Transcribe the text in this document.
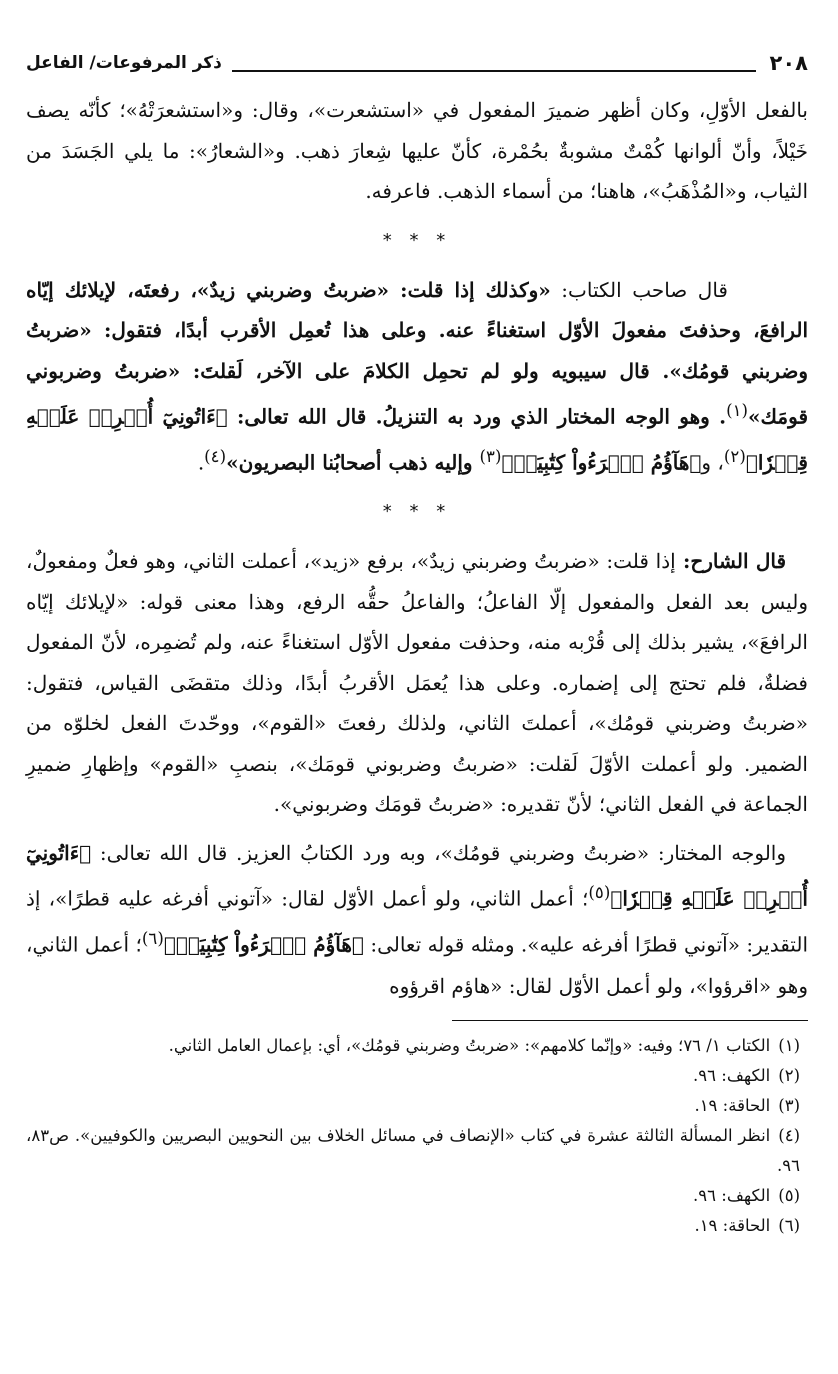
٢٠٨
ذكر المرفوعات/ الفاعل

بالفعل الأوّلِ، وكان أظهر ضميرَ المفعول في «استشعرت»، وقال: و«استشعرَتْهُ»؛ كأنّه يصف خَيْلاً، وأنّ ألوانها كُمْتٌ مشوبةٌ بحُمْرة، كأنّ عليها شِعارَ ذهب. و«الشعارُ»: ما يلي الجَسَدَ من الثياب، و«المُذْهَبُ»، هاهنا؛ من أسماء الذهب. فاعرفه.

* * *

قال صاحب الكتاب: «وكذلك إذا قلت: «ضربتُ وضربني زيدٌ»، رفعتَه، لإيلائك إيّاه الرافعَ، وحذفتَ مفعولَ الأوّل استغناءً عنه. وعلى هذا تُعمِل الأقرب أبدًا، فتقول: «ضربتُ وضربني قومُك». قال سيبويه ولو لم تحمِل الكلامَ على الآخر، لَقلتَ: «ضربتُ وضربوني قومَك»$^{(١)}$. وهو الوجه المختار الذي ورد به التنزيلُ. قال الله تعالى: ﴿ءَاتُونِيٓ أُفۡرِغۡ عَلَيۡهِ قِطۡرٗا﴾$^{(٢)}$، و﴿هَآؤُمُ ٱقۡرَءُواْ كِتَٰبِيَهۡ﴾$^{(٣)}$ وإليه ذهب أصحابُنا البصريون»$^{(٤)}$.

* * *

قال الشارح: إذا قلت: «ضربتُ وضربني زيدٌ»، برفع «زيد»، أعملت الثاني، وهو فعلٌ ومفعولٌ، وليس بعد الفعل والمفعول إلّا الفاعلُ؛ والفاعلُ حقُّه الرفع، وهذا معنى قوله: «لإيلائك إيّاه الرافعَ»، يشير بذلك إلى قُرْبه منه، وحذفت مفعول الأوّل استغناءً عنه، ولم تُضمِره، لأنّ المفعول فضلةٌ، فلم تحتج إلى إضماره. وعلى هذا يُعمَل الأقربُ أبدًا، وذلك متقضَى القياس، فتقول: «ضربتُ وضربني قومُك»، أعملتَ الثاني، ولذلك رفعتَ «القوم»، ووحّدتَ الفعل لخلوّه من الضمير. ولو أعملت الأوّلَ لَقلت: «ضربتُ وضربوني قومَك»، بنصبِ «القوم» وإظهارِ ضميرِ الجماعة في الفعل الثاني؛ لأنّ تقديره: «ضربتُ قومَك وضربوني».

والوجه المختار: «ضربتُ وضربني قومُك»، وبه ورد الكتابُ العزيز. قال الله تعالى: ﴿ءَاتُونِيٓ أُفۡرِغۡ عَلَيۡهِ قِطۡرٗا﴾$^{(٥)}$؛ أعمل الثاني، ولو أعمل الأوّل لقال: «آتوني أفرغه عليه قطرًا»، إذ التقدير: «آتوني قطرًا أفرغه عليه». ومثله قوله تعالى: ﴿هَآؤُمُ ٱقۡرَءُواْ كِتَٰبِيَهۡ﴾$^{(٦)}$؛ أعمل الثاني، وهو «اقرؤوا»، ولو أعمل الأوّل لقال: «هاؤم اقرؤوه

(١)الكتاب ١/ ٧٦؛ وفيه: «وإنّما كلامهم»: «ضربتُ وضربني قومُك»، أي: بإعمال العامل الثاني.

(٢)الكهف: ٩٦.

(٣)الحاقة: ١٩.

(٤)انظر المسألة الثالثة عشرة في كتاب «الإنصاف في مسائل الخلاف بين النحويين البصريين والكوفيين». ص٨٣، ٩٦.

(٥)الكهف: ٩٦.

(٦)الحاقة: ١٩.
